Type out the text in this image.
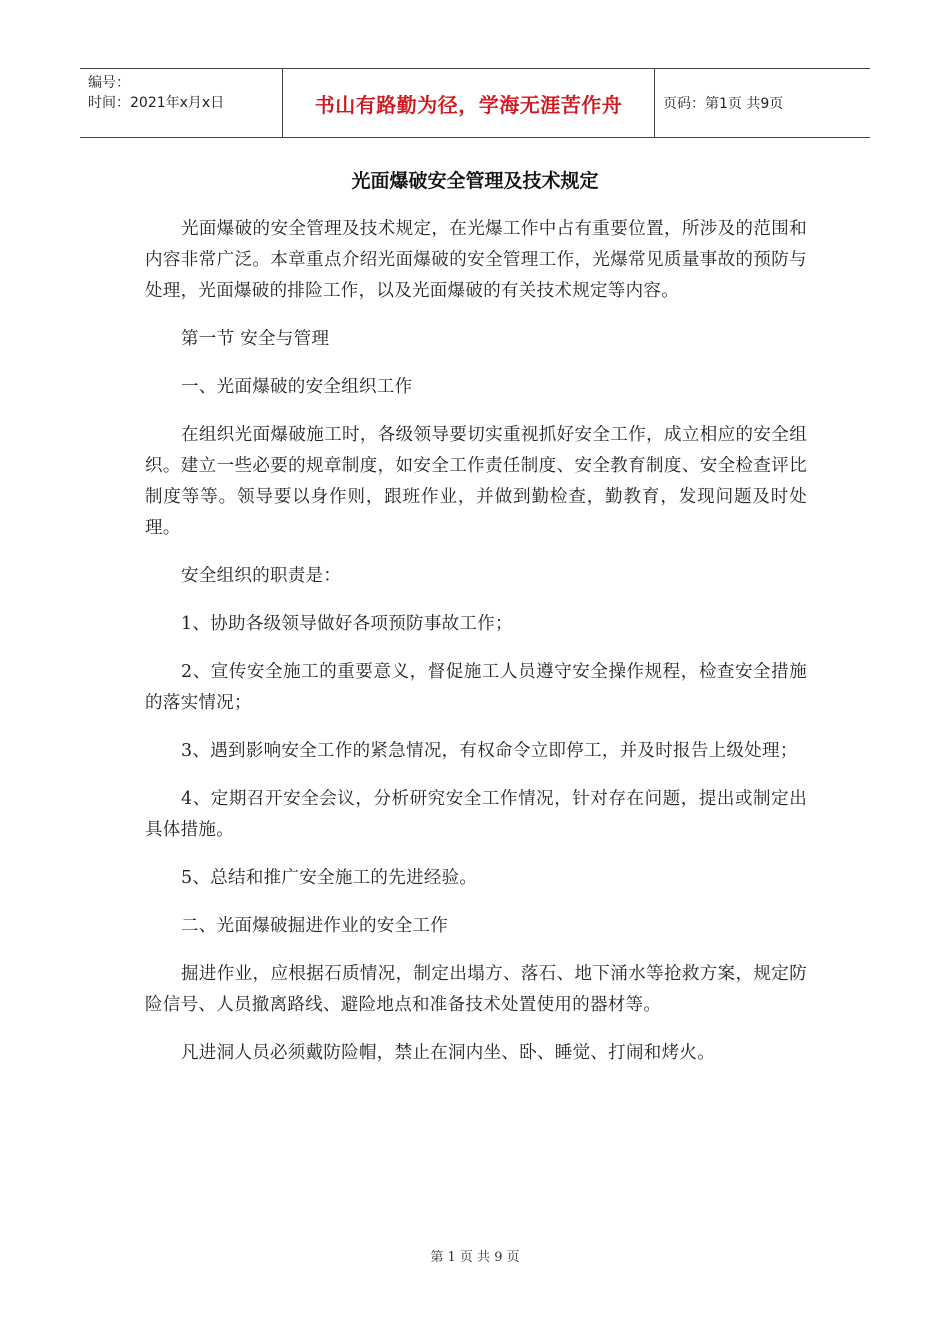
编号：
时间：2021年x月x日	书山有路勤为径，学海无涯苦作舟	页码：第1页 共9页
光面爆破安全管理及技术规定

光面爆破的安全管理及技术规定，在光爆工作中占有重要位置，所涉及的范围和内容非常广泛。本章重点介绍光面爆破的安全管理工作，光爆常见质量事故的预防与处理，光面爆破的排险工作，以及光面爆破的有关技术规定等内容。

第一节 安全与管理

一、光面爆破的安全组织工作

在组织光面爆破施工时，各级领导要切实重视抓好安全工作，成立相应的安全组织。建立一些必要的规章制度，如安全工作责任制度、安全教育制度、安全检查评比制度等等。领导要以身作则，跟班作业，并做到勤检查，勤教育，发现问题及时处理。

安全组织的职责是：

1、协助各级领导做好各项预防事故工作；

2、宣传安全施工的重要意义，督促施工人员遵守安全操作规程，检查安全措施的落实情况；

3、遇到影响安全工作的紧急情况，有权命令立即停工，并及时报告上级处理；

4、定期召开安全会议，分析研究安全工作情况，针对存在问题，提出或制定出具体措施。

5、总结和推广安全施工的先进经验。

二、光面爆破掘进作业的安全工作

掘进作业，应根据石质情况，制定出塌方、落石、地下涌水等抢救方案，规定防险信号、人员撤离路线、避险地点和准备技术处置使用的器材等。

凡进洞人员必须戴防险帽，禁止在洞内坐、卧、睡觉、打闹和烤火。

第 1 页 共 9 页
